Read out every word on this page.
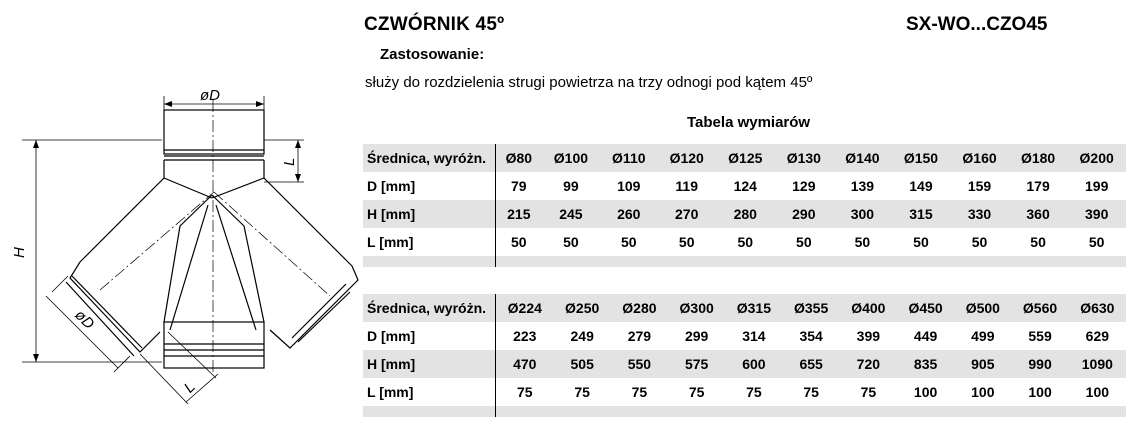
øD
L
H
øD
L
CZWÓRNIK 45º	SX-WO...CZO45
Zastosowanie:
służy do rozdzielenia strugi powietrza na trzy odnogi pod kątem 45º
Tabela wymiarów
Średnica, wyróżn.	Ø80	Ø100	Ø110	Ø120	Ø125	Ø130	Ø140	Ø150	Ø160	Ø180	Ø200
D [mm]	79	99	109	119	124	129	139	149	159	179	199
H [mm]	215	245	260	270	280	290	300	315	330	360	390
L [mm]	50	50	50	50	50	50	50	50	50	50	50

Średnica, wyróżn.	Ø224	Ø250	Ø280	Ø300	Ø315	Ø355	Ø400	Ø450	Ø500	Ø560	Ø630
D [mm]	223	249	279	299	314	354	399	449	499	559	629
H [mm]	470	505	550	575	600	655	720	835	905	990	1090
L [mm]	75	75	75	75	75	75	75	100	100	100	100
